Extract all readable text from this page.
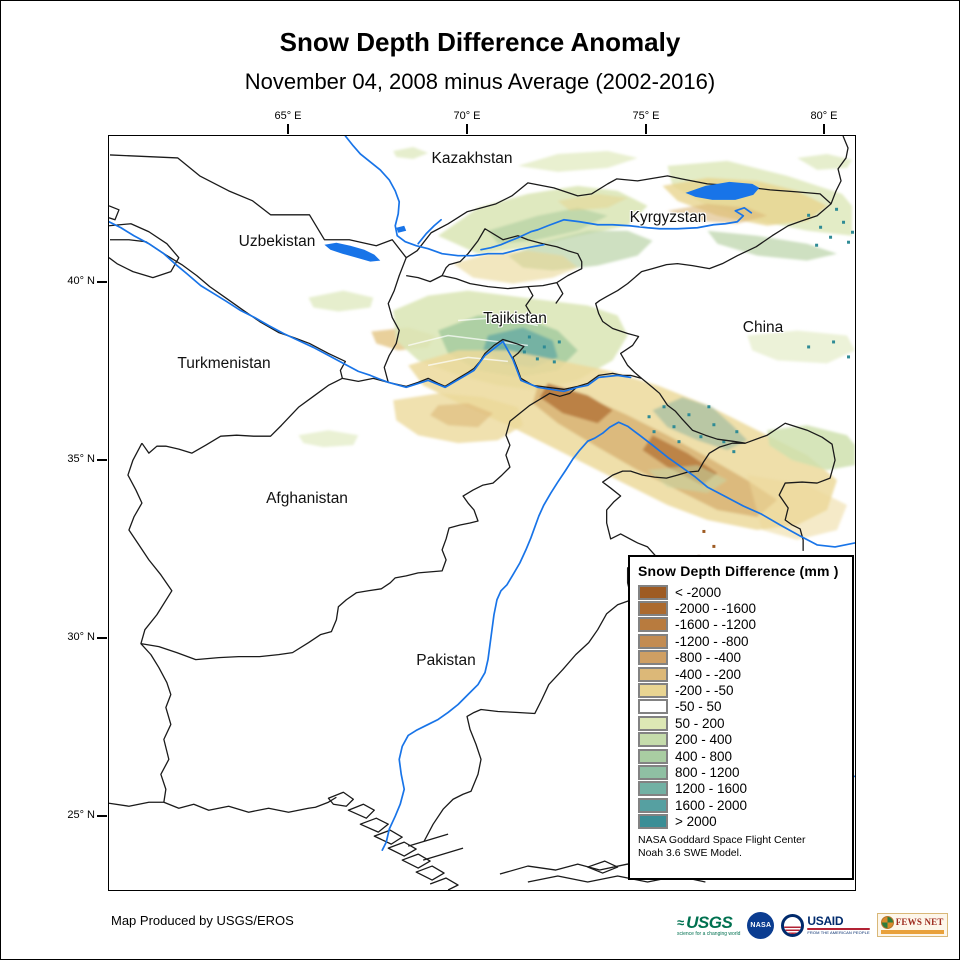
Snow Depth Difference Anomaly
November 04, 2008 minus Average (2002-2016)
65° E	70° E	75° E	80° E
40° N
35° N
30° N
25° N
Kazakhstan
Kyrgyzstan
Uzbekistan
Tajikistan
China
Turkmenistan
Afghanistan
Pakistan
Snow Depth Difference (mm )
< -2000
-2000 - -1600
-1600 - -1200
-1200 - -800
-800 - -400
-400 - -200
-200 - -50
-50 - 50
50 - 200
200 - 400
400 - 800
800 - 1200
1200 - 1600
1600 - 2000
> 2000
NASA Goddard Space Flight Center
Noah 3.6 SWE Model.
Map Produced by USGS/EROS	≈ USGS
science for a changing world
NASA	USAID
FROM THE AMERICAN PEOPLE
FEWS NET
